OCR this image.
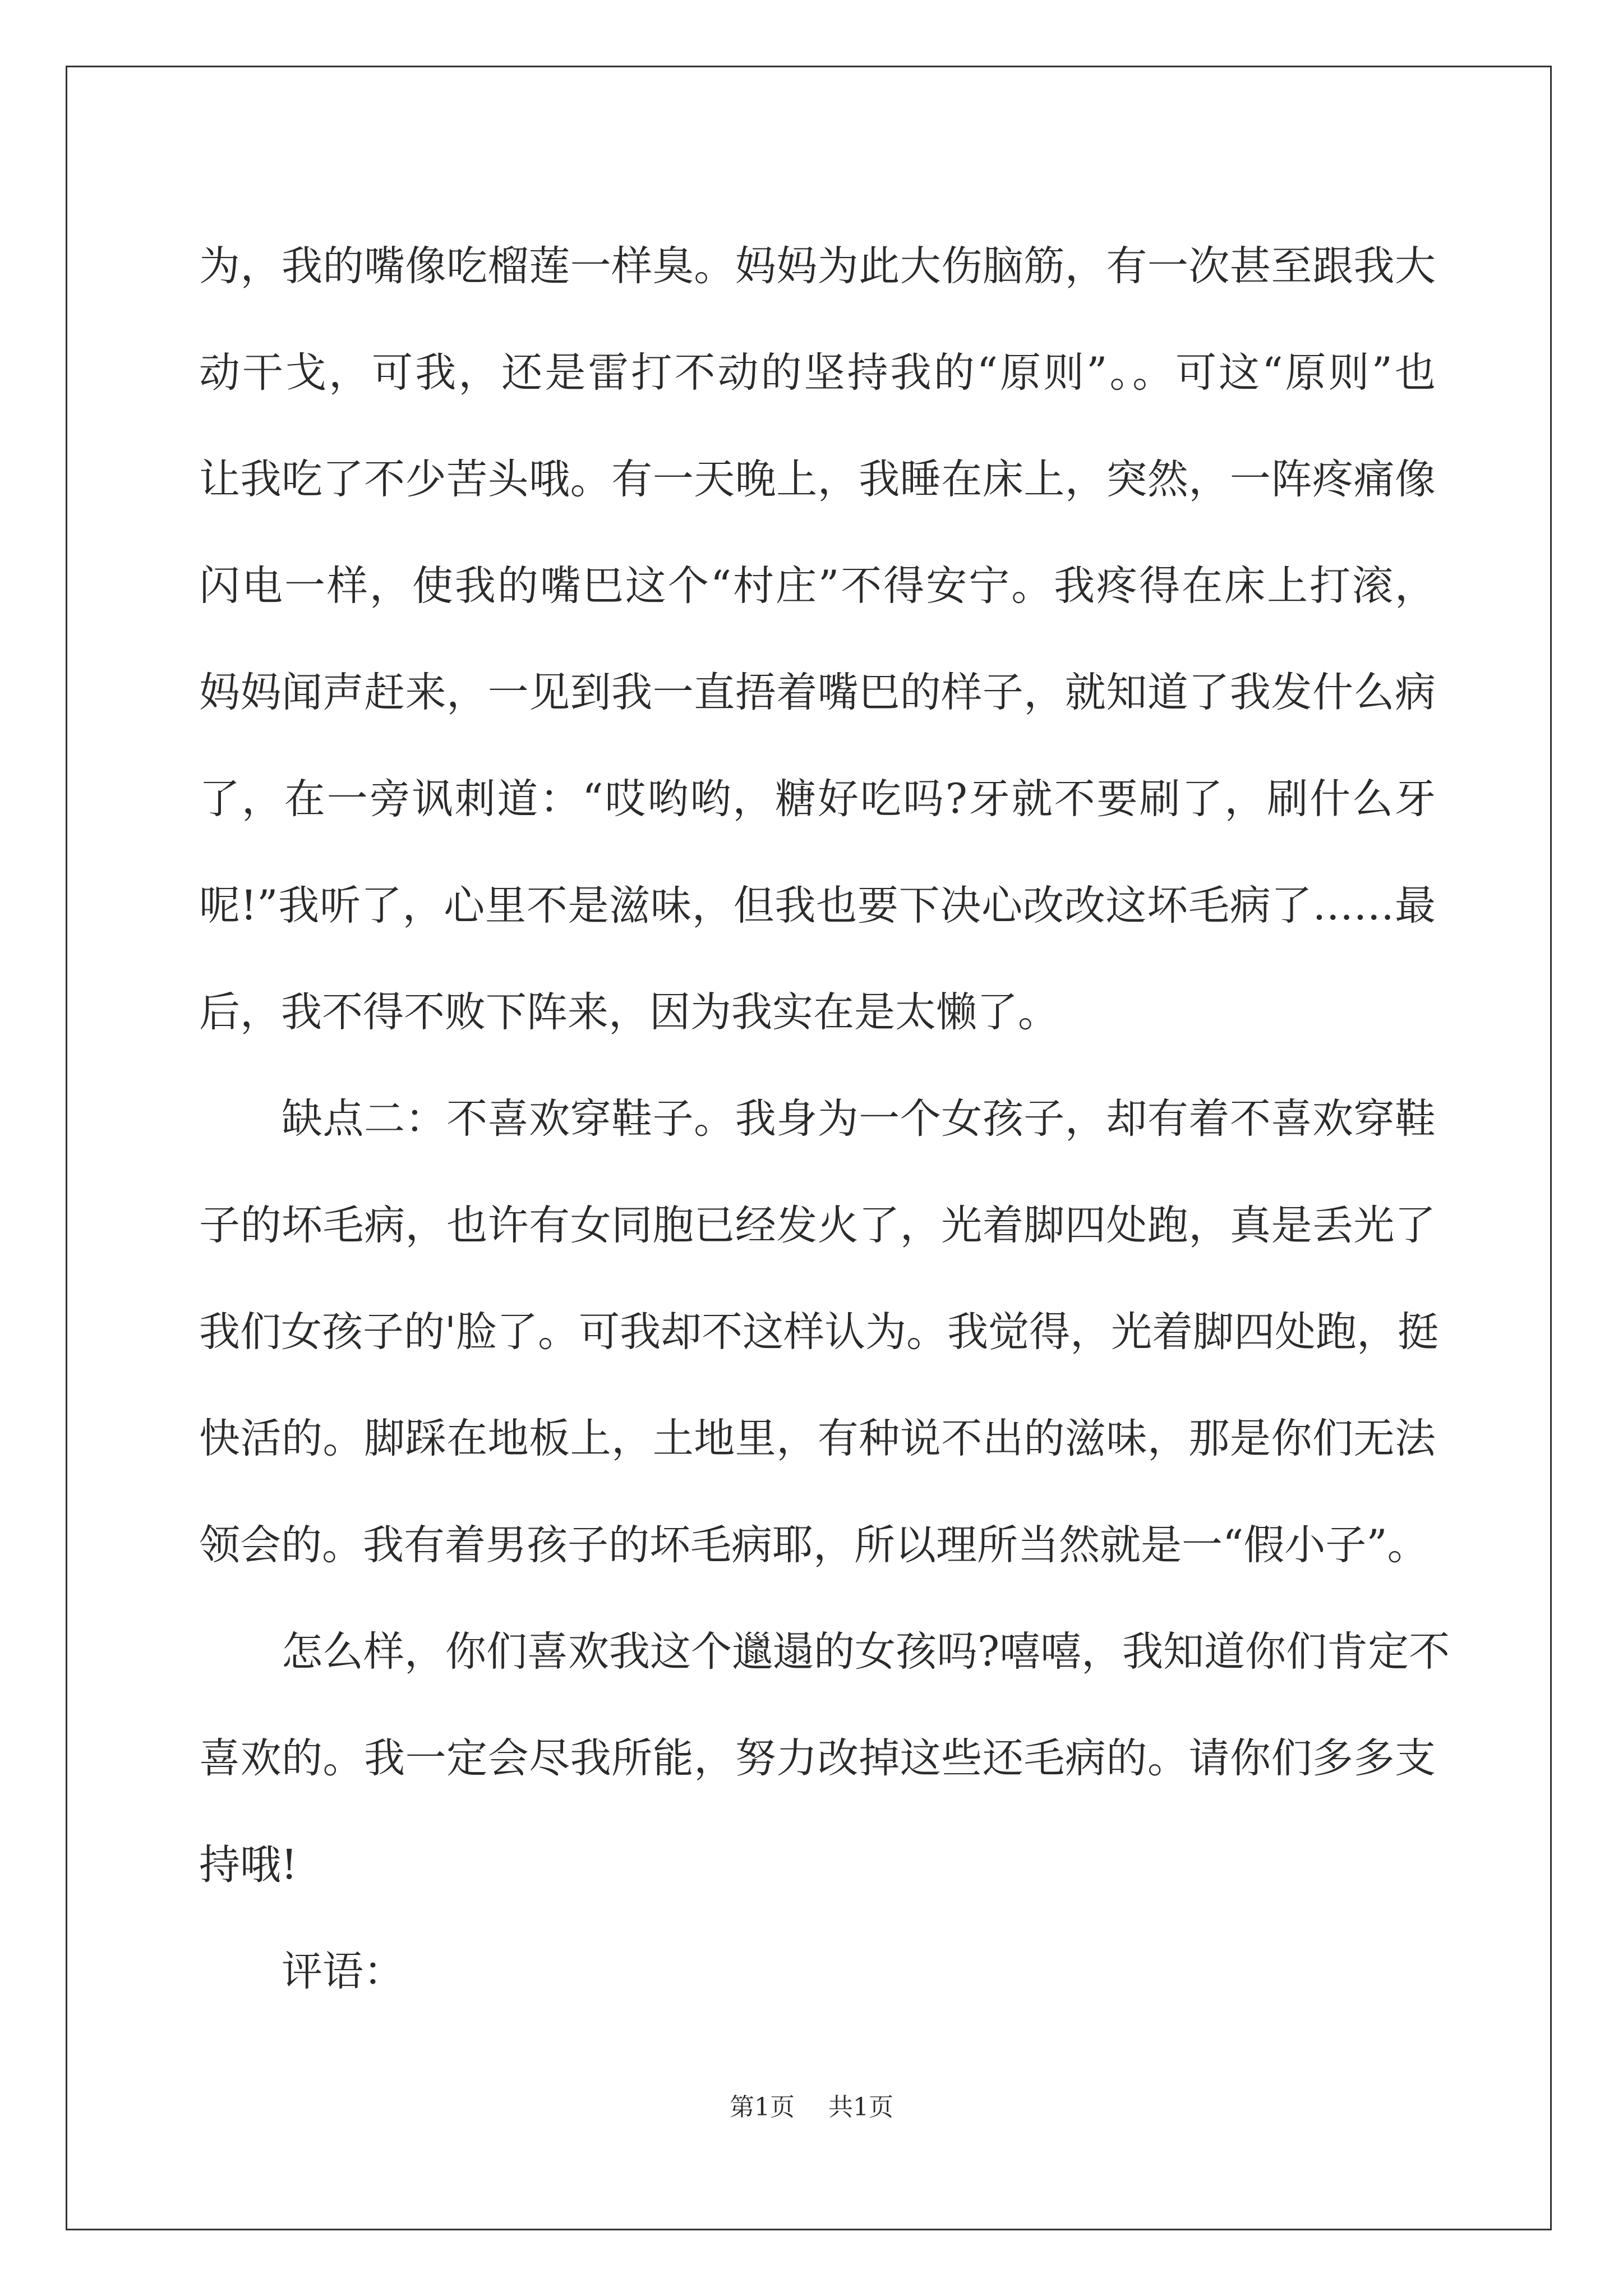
为，我的嘴像吃榴莲一样臭。妈妈为此大伤脑筋，有一次甚至跟我大
动干戈，可我，还是雷打不动的坚持我的“原则”。。可这“原则”也
让我吃了不少苦头哦。有一天晚上，我睡在床上，突然，一阵疼痛像
闪电一样，使我的嘴巴这个“村庄”不得安宁。我疼得在床上打滚，
妈妈闻声赶来，一见到我一直捂着嘴巴的样子，就知道了我发什么病
了，在一旁讽刺道：“哎哟哟，糖好吃吗?牙就不要刷了，刷什么牙
呢!”我听了，心里不是滋味，但我也要下决心改改这坏毛病了……最
后，我不得不败下阵来，因为我实在是太懒了。
缺点二：不喜欢穿鞋子。我身为一个女孩子，却有着不喜欢穿鞋
子的坏毛病，也许有女同胞已经发火了，光着脚四处跑，真是丢光了
我们女孩子的'脸了。可我却不这样认为。我觉得，光着脚四处跑，挺
快活的。脚踩在地板上，土地里，有种说不出的滋味，那是你们无法
领会的。我有着男孩子的坏毛病耶，所以理所当然就是一“假小子”。
怎么样，你们喜欢我这个邋遢的女孩吗?嘻嘻，我知道你们肯定不
喜欢的。我一定会尽我所能，努力改掉这些还毛病的。请你们多多支
持哦!
评语：
第1页 共1页
